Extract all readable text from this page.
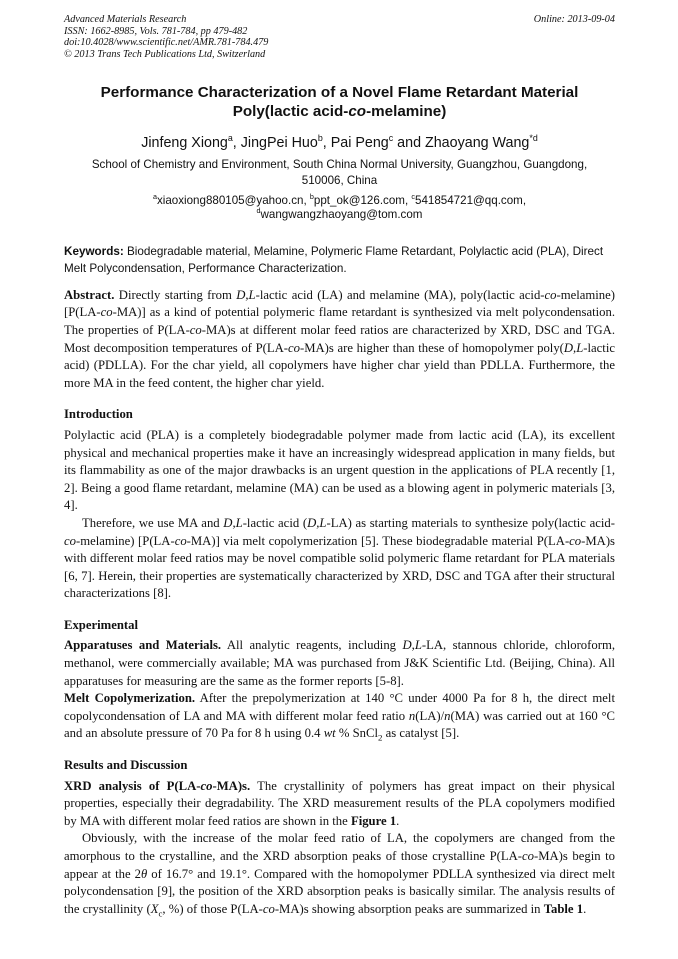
Advanced Materials Research
ISSN: 1662-8985, Vols. 781-784, pp 479-482
doi:10.4028/www.scientific.net/AMR.781-784.479
© 2013 Trans Tech Publications Ltd, Switzerland
Online: 2013-09-04
Performance Characterization of a Novel Flame Retardant Material
Poly(lactic acid-co-melamine)
Jinfeng Xiong$^a$, JingPei Huo$^b$, Pai Peng$^c$ and Zhaoyang Wang$^{*d}$
School of Chemistry and Environment, South China Normal University, Guangzhou, Guangdong,
510006, China
$^a$xiaoxiong880105@yahoo.cn, $^b$ppt_ok@126.com, $^c$541854721@qq.com,
$^d$wangwangzhaoyang@tom.com
Keywords: Biodegradable material, Melamine, Polymeric Flame Retardant, Polylactic acid (PLA), Direct Melt Polycondensation, Performance Characterization.

Abstract. Directly starting from D,L-lactic acid (LA) and melamine (MA), poly(lactic acid-co-melamine) [P(LA-co-MA)] as a kind of potential polymeric flame retardant is synthesized via melt polycondensation. The properties of P(LA-co-MA)s at different molar feed ratios are characterized by XRD, DSC and TGA. Most decomposition temperatures of P(LA-co-MA)s are higher than these of homopolymer poly(D,L-lactic acid) (PDLLA). For the char yield, all copolymers have higher char yield than PDLLA. Furthermore, the more MA in the feed content, the higher char yield.

Introduction

Polylactic acid (PLA) is a completely biodegradable polymer made from lactic acid (LA), its excellent physical and mechanical properties make it have an increasingly widespread application in many fields, but its flammability as one of the major drawbacks is an urgent question in the applications of PLA recently [1, 2]. Being a good flame retardant, melamine (MA) can be used as a blowing agent in polymeric materials [3, 4].

Therefore, we use MA and D,L-lactic acid (D,L-LA) as starting materials to synthesize poly(lactic acid-co-melamine) [P(LA-co-MA)] via melt copolymerization [5]. These biodegradable material P(LA-co-MA)s with different molar feed ratios may be novel compatible solid polymeric flame retardant for PLA materials [6, 7]. Herein, their properties are systematically characterized by XRD, DSC and TGA after their structural characterizations [8].

Experimental

Apparatuses and Materials. All analytic reagents, including D,L-LA, stannous chloride, chloroform, methanol, were commercially available; MA was purchased from J&K Scientific Ltd. (Beijing, China). All apparatuses for measuring are the same as the former reports [5-8].

Melt Copolymerization. After the prepolymerization at 140 °C under 4000 Pa for 8 h, the direct melt copolycondensation of LA and MA with different molar feed ratio n(LA)/n(MA) was carried out at 160 °C and an absolute pressure of 70 Pa for 8 h using 0.4 wt % SnCl$_2$ as catalyst [5].

Results and Discussion

XRD analysis of P(LA-co-MA)s. The crystallinity of polymers has great impact on their physical properties, especially their degradability. The XRD measurement results of the PLA copolymers modified by MA with different molar feed ratios are shown in the Figure 1.

Obviously, with the increase of the molar feed ratio of LA, the copolymers are changed from the amorphous to the crystalline, and the XRD absorption peaks of those crystalline P(LA-co-MA)s begin to appear at the 2θ of 16.7° and 19.1°. Compared with the homopolymer PDLLA synthesized via direct melt polycondensation [9], the position of the XRD absorption peaks is basically similar. The analysis results of the crystallinity ($X_c$, %) of those P(LA-co-MA)s showing absorption peaks are summarized in Table 1.
